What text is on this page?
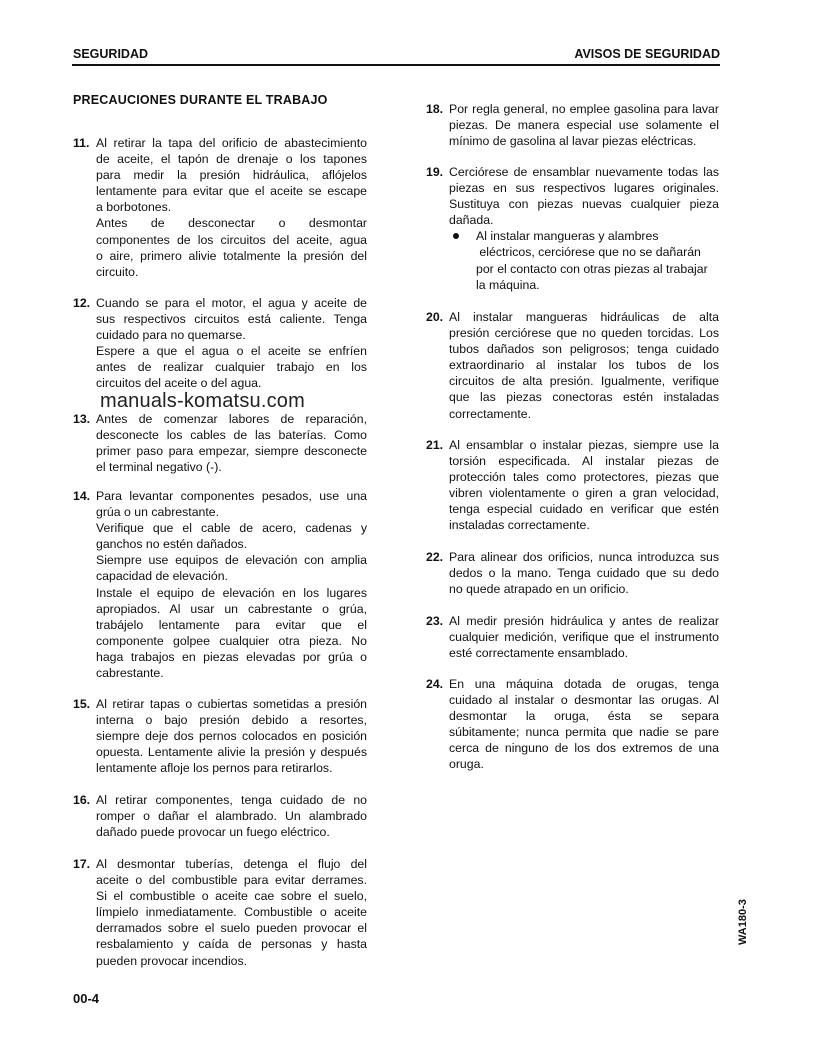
SEGURIDAD	AVISOS DE SEGURIDAD
PRECAUCIONES DURANTE EL TRABAJO
11. Al retirar la tapa del orificio de abastecimiento
de aceite, el tapón de drenaje o los tapones
para medir la presión hidráulica, aflójelos
lentamente para evitar que el aceite se escape
a borbotones.
Antes de desconectar o desmontar
componentes de los circuitos del aceite, agua
o aire, primero alivie totalmente la presión del
circuito.
12. Cuando se para el motor, el agua y aceite de
sus respectivos circuitos está caliente. Tenga
cuidado para no quemarse.
Espere a que el agua o el aceite se enfríen
antes de realizar cualquier trabajo en los
circuitos del aceite o del agua.
13. Antes de comenzar labores de reparación,
desconecte los cables de las baterías. Como
primer paso para empezar, siempre desconecte
el terminal negativo (-).
14. Para levantar componentes pesados, use una
grúa o un cabrestante.
Verifique que el cable de acero, cadenas y
ganchos no estén dañados.
Siempre use equipos de elevación con amplia
capacidad de elevación.
Instale el equipo de elevación en los lugares
apropiados. Al usar un cabrestante o grúa,
trabájelo lentamente para evitar que el
componente golpee cualquier otra pieza. No
haga trabajos en piezas elevadas por grúa o
cabrestante.
15. Al retirar tapas o cubiertas sometidas a presión
interna o bajo presión debido a resortes,
siempre deje dos pernos colocados en posición
opuesta. Lentamente alivie la presión y después
lentamente afloje los pernos para retirarlos.
16. Al retirar componentes, tenga cuidado de no
romper o dañar el alambrado. Un alambrado
dañado puede provocar un fuego eléctrico.
17. Al desmontar tuberías, detenga el flujo del
aceite o del combustible para evitar derrames.
Si el combustible o aceite cae sobre el suelo,
límpielo inmediatamente. Combustible o aceite
derramados sobre el suelo pueden provocar el
resbalamiento y caída de personas y hasta
pueden provocar incendios.
18. Por regla general, no emplee gasolina para lavar
piezas. De manera especial use solamente el
mínimo de gasolina al lavar piezas eléctricas.
19. Cerciórese de ensamblar nuevamente todas las
piezas en sus respectivos lugares originales.
Sustituya con piezas nuevas cualquier pieza
dañada.
Al instalar mangueras y alambres
eléctricos, cerciórese que no se dañarán
por el contacto con otras piezas al trabajar
la máquina.
20. Al instalar mangueras hidráulicas de alta
presión cerciórese que no queden torcidas. Los
tubos dañados son peligrosos; tenga cuidado
extraordinario al instalar los tubos de los
circuitos de alta presión. Igualmente, verifique
que las piezas conectoras estén instaladas
correctamente.
21. Al ensamblar o instalar piezas, siempre use la
torsión especificada. Al instalar piezas de
protección tales como protectores, piezas que
vibren violentamente o giren a gran velocidad,
tenga especial cuidado en verificar que estén
instaladas correctamente.
22. Para alinear dos orificios, nunca introduzca sus
dedos o la mano. Tenga cuidado que su dedo
no quede atrapado en un orificio.
23. Al medir presión hidráulica y antes de realizar
cualquier medición, verifique que el instrumento
esté correctamente ensamblado.
24. En una máquina dotada de orugas, tenga
cuidado al instalar o desmontar las orugas. Al
desmontar la oruga, ésta se separa
súbitamente; nunca permita que nadie se pare
cerca de ninguno de los dos extremos de una
oruga.
manuals-komatsu.com
00-4
WA180-3
